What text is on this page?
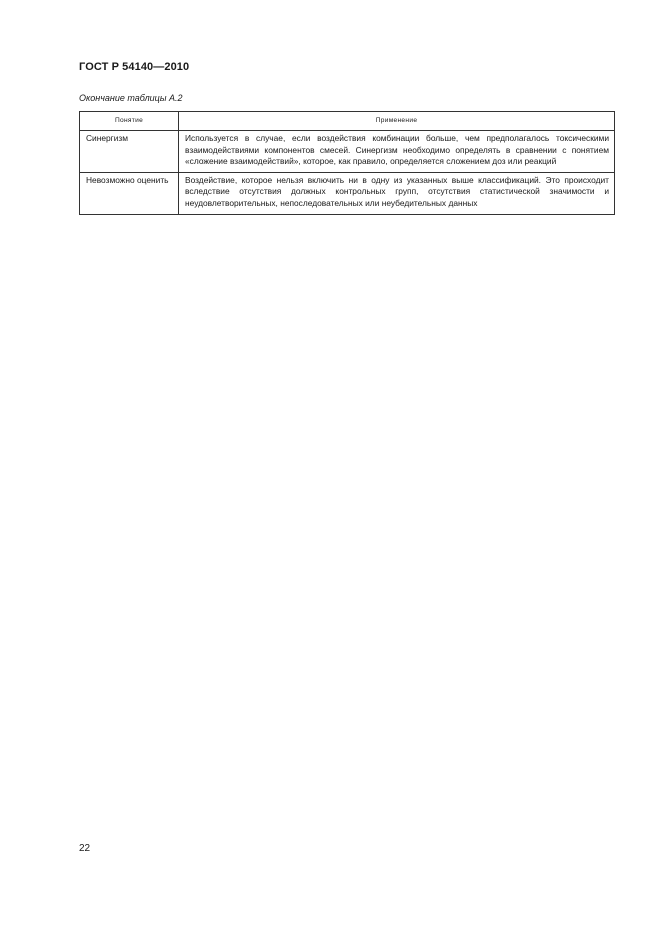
ГОСТ Р 54140—2010
Окончание таблицы А.2
Понятие	Применение
Синергизм	Используется в случае, если воздействия комбинации больше, чем предполагалось токсическими взаимодействиями компонентов смесей. Синергизм необходимо определять в сравнении с понятием «сложение взаимодействий», которое, как правило, определяется сложением доз или реакций
Невозможно оценить	Воздействие, которое нельзя включить ни в одну из указанных выше классификаций. Это происходит вследствие отсутствия должных контрольных групп, отсутствия статистической значимости и неудовлетворительных, непоследовательных или неубедительных данных
22
